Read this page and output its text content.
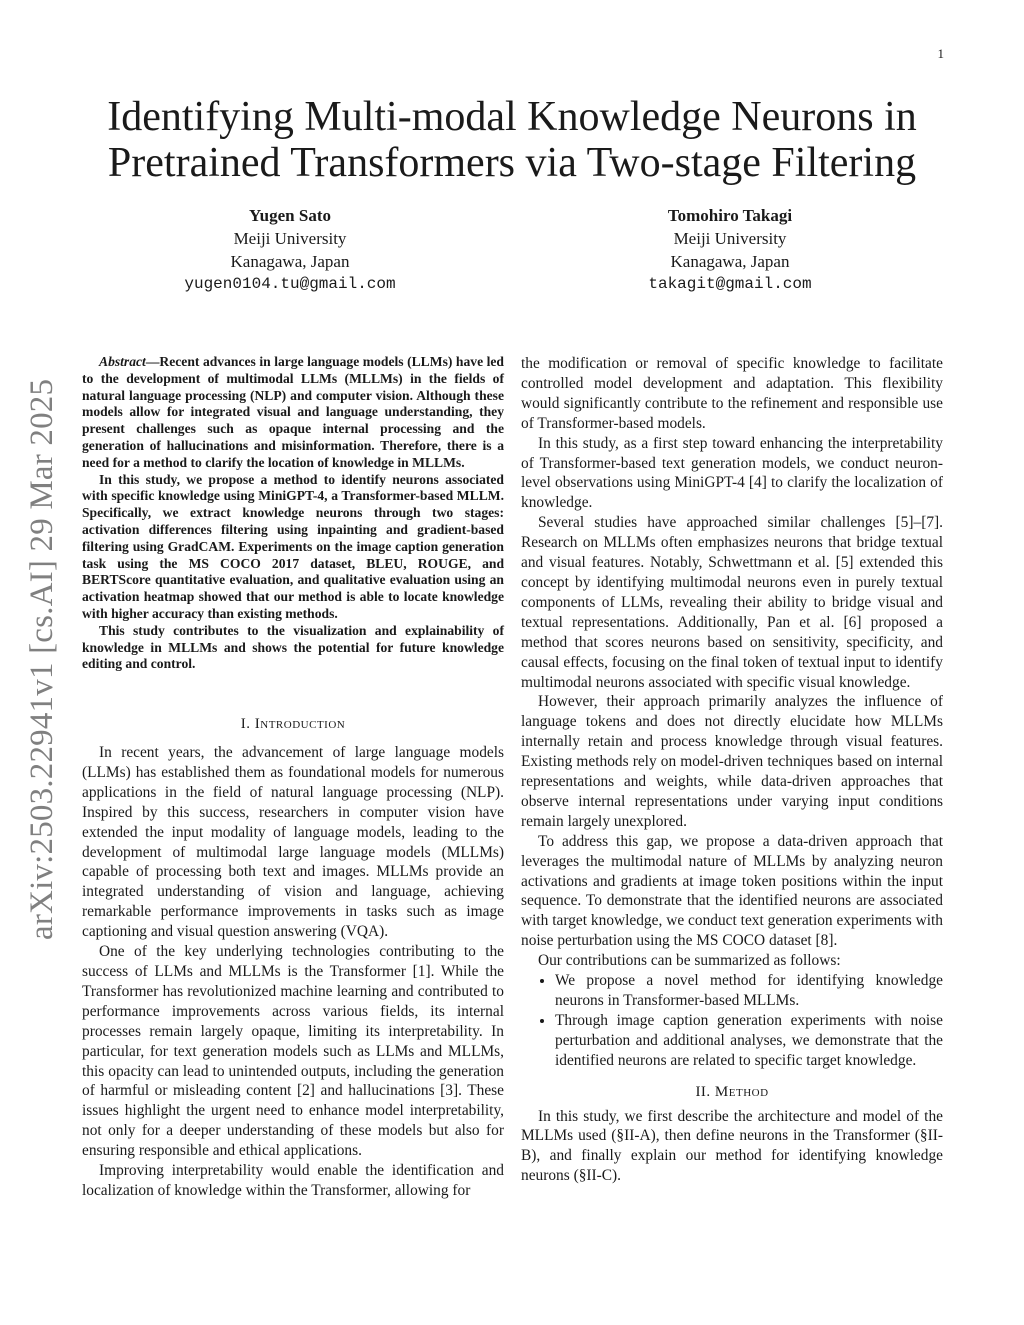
1
arXiv:2503.22941v1 [cs.AI] 29 Mar 2025
Identifying Multi-modal Knowledge Neurons in Pretrained Transformers via Two-stage Filtering
Yugen Sato
Meiji University
Kanagawa, Japan
yugen0104.tu@gmail.com
Tomohiro Takagi
Meiji University
Kanagawa, Japan
takagit@gmail.com

Abstract—Recent advances in large language models (LLMs) have led to the development of multimodal LLMs (MLLMs) in the fields of natural language processing (NLP) and computer vision. Although these models allow for integrated visual and language understanding, they present challenges such as opaque internal processing and the generation of hallucinations and misinformation. Therefore, there is a need for a method to clarify the location of knowledge in MLLMs.

In this study, we propose a method to identify neurons associated with specific knowledge using MiniGPT-4, a Transformer-based MLLM. Specifically, we extract knowledge neurons through two stages: activation differences filtering using inpainting and gradient-based filtering using GradCAM. Experiments on the image caption generation task using the MS COCO 2017 dataset, BLEU, ROUGE, and BERTScore quantitative evaluation, and qualitative evaluation using an activation heatmap showed that our method is able to locate knowledge with higher accuracy than existing methods.

This study contributes to the visualization and explainability of knowledge in MLLMs and shows the potential for future knowledge editing and control.

I. Introduction

In recent years, the advancement of large language models (LLMs) has established them as foundational models for numerous applications in the field of natural language processing (NLP). Inspired by this success, researchers in computer vision have extended the input modality of language models, leading to the development of multimodal large language models (MLLMs) capable of processing both text and images. MLLMs provide an integrated understanding of vision and language, achieving remarkable performance improvements in tasks such as image captioning and visual question answering (VQA).

One of the key underlying technologies contributing to the success of LLMs and MLLMs is the Transformer [1]. While the Transformer has revolutionized machine learning and contributed to performance improvements across various fields, its internal processes remain largely opaque, limiting its interpretability. In particular, for text generation models such as LLMs and MLLMs, this opacity can lead to unintended outputs, including the generation of harmful or misleading content [2] and hallucinations [3]. These issues highlight the urgent need to enhance model interpretability, not only for a deeper understanding of these models but also for ensuring responsible and ethical applications.

Improving interpretability would enable the identification and localization of knowledge within the Transformer, allowing for

the modification or removal of specific knowledge to facilitate controlled model development and adaptation. This flexibility would significantly contribute to the refinement and responsible use of Transformer-based models.

In this study, as a first step toward enhancing the interpretability of Transformer-based text generation models, we conduct neuron-level observations using MiniGPT-4 [4] to clarify the localization of knowledge.

Several studies have approached similar challenges [5]–[7]. Research on MLLMs often emphasizes neurons that bridge textual and visual features. Notably, Schwettmann et al. [5] extended this concept by identifying multimodal neurons even in purely textual components of LLMs, revealing their ability to bridge visual and textual representations. Additionally, Pan et al. [6] proposed a method that scores neurons based on sensitivity, specificity, and causal effects, focusing on the final token of textual input to identify multimodal neurons associated with specific visual knowledge.

However, their approach primarily analyzes the influence of language tokens and does not directly elucidate how MLLMs internally retain and process knowledge through visual features. Existing methods rely on model-driven techniques based on internal representations and weights, while data-driven approaches that observe internal representations under varying input conditions remain largely unexplored.

To address this gap, we propose a data-driven approach that leverages the multimodal nature of MLLMs by analyzing neuron activations and gradients at image token positions within the input sequence. To demonstrate that the identified neurons are associated with target knowledge, we conduct text generation experiments with noise perturbation using the MS COCO dataset [8].

Our contributions can be summarized as follows:

• We propose a novel method for identifying knowledge neurons in Transformer-based MLLMs.
• Through image caption generation experiments with noise perturbation and additional analyses, we demonstrate that the identified neurons are related to specific target knowledge.
II. Method

In this study, we first describe the architecture and model of the MLLMs used (§II-A), then define neurons in the Transformer (§II-B), and finally explain our method for identifying knowledge neurons (§II-C).
